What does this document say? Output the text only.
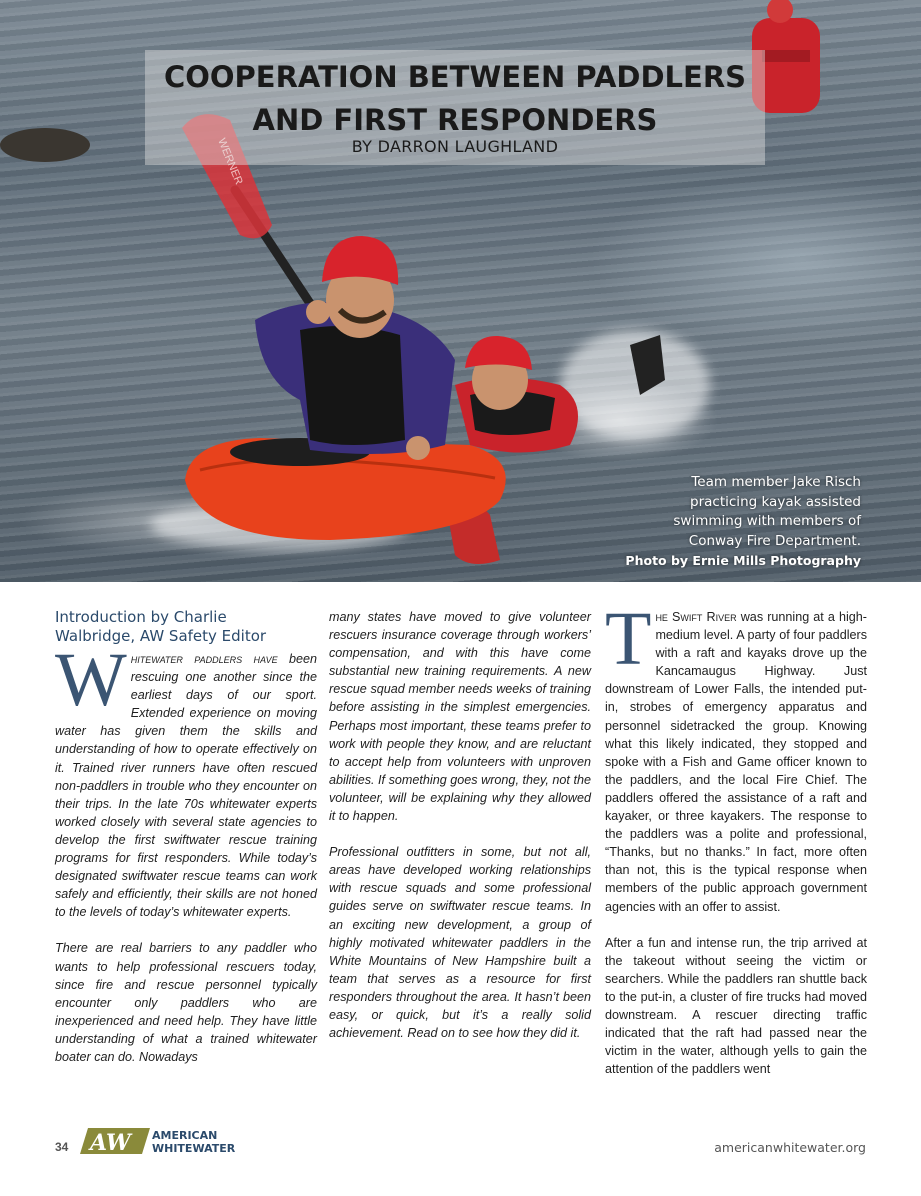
WERNER
COOPERATION BETWEEN PADDLERS
AND FIRST RESPONDERS
BY DARRON LAUGHLAND
Team member Jake Risch
practicing kayak assisted
swimming with members of
Conway Fire Department.
Photo by Ernie Mills Photography
Introduction by Charlie
Walbridge, AW Safety Editor

Whitewater paddlers have been rescuing one another since the earliest days of our sport. Extended experience on moving water has given them the skills and understanding of how to operate effectively on it. Trained river runners have often rescued non-paddlers in trouble who they encounter on their trips. In the late 70s whitewater experts worked closely with several state agencies to develop the first swiftwater rescue training programs for first responders. While today’s designated swiftwater rescue teams can work safely and efficiently, their skills are not honed to the levels of today’s whitewater experts.

There are real barriers to any paddler who wants to help professional rescuers today, since fire and rescue personnel typically encounter only paddlers who are inexperienced and need help. They have little understanding of what a trained whitewater boater can do. Nowadays

many states have moved to give volunteer rescuers insurance coverage through workers’ compensation, and with this have come substantial new training requirements. A new rescue squad member needs weeks of training before assisting in the simplest emergencies. Perhaps most important, these teams prefer to work with people they know, and are reluctant to accept help from volunteers with unproven abilities. If something goes wrong, they, not the volunteer, will be explaining why they allowed it to happen.

Professional outfitters in some, but not all, areas have developed working relationships with rescue squads and some professional guides serve on swiftwater rescue teams. In an exciting new development, a group of highly motivated whitewater paddlers in the White Mountains of New Hampshire built a team that serves as a resource for first responders throughout the area. It hasn’t been easy, or quick, but it’s a really solid achievement. Read on to see how they did it.

The Swift River was running at a high-medium level. A party of four paddlers with a raft and kayaks drove up the Kancamaugus Highway. Just downstream of Lower Falls, the intended put-in, strobes of emergency apparatus and personnel sidetracked the group. Knowing what this likely indicated, they stopped and spoke with a Fish and Game officer known to the paddlers, and the local Fire Chief. The paddlers offered the assistance of a raft and kayaker, or three kayakers. The response to the paddlers was a polite and professional, “Thanks, but no thanks.” In fact, more often than not, this is the typical response when members of the public approach government agencies with an offer to assist.

After a fun and intense run, the trip arrived at the takeout without seeing the victim or searchers. While the paddlers ran shuttle back to the put-in, a cluster of fire trucks had moved downstream. A rescuer directing traffic indicated that the raft had passed near the victim in the water, although yells to gain the attention of the paddlers went

34 AW AMERICAN
WHITEWATER	americanwhitewater.org
